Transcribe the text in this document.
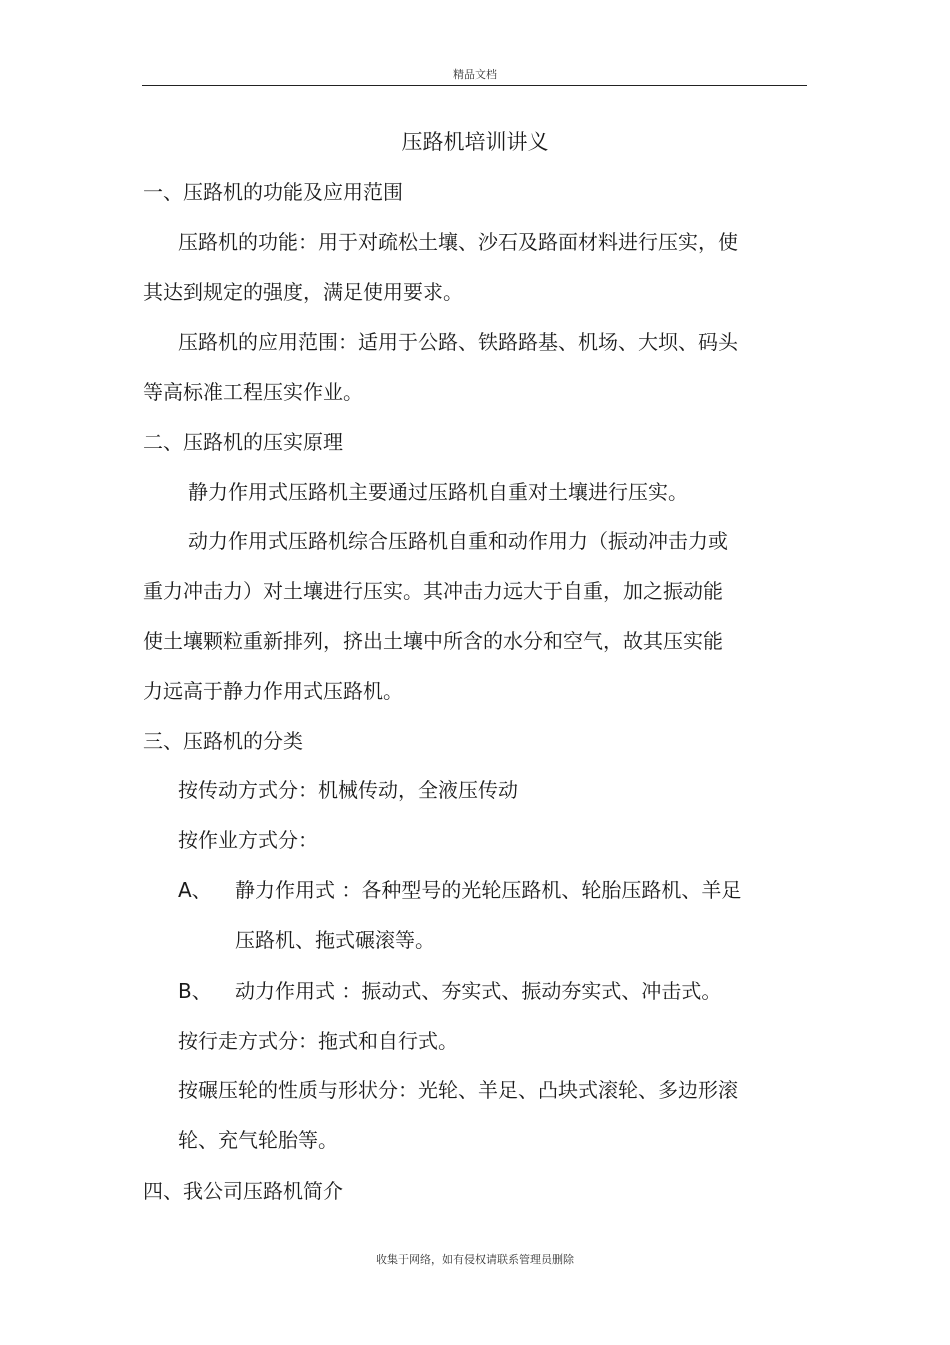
精品文档
压路机培训讲义
一、压路机的功能及应用范围
压路机的功能：用于对疏松土壤、沙石及路面材料进行压实，使
其达到规定的强度，满足使用要求。
压路机的应用范围：适用于公路、铁路路基、机场、大坝、码头
等高标准工程压实作业。
二、压路机的压实原理
静力作用式压路机主要通过压路机自重对土壤进行压实。
动力作用式压路机综合压路机自重和动作用力（振动冲击力或
重力冲击力）对土壤进行压实。其冲击力远大于自重，加之振动能
使土壤颗粒重新排列，挤出土壤中所含的水分和空气，故其压实能
力远高于静力作用式压路机。
三、压路机的分类
按传动方式分：机械传动，全液压传动
按作业方式分：
A、 静力作用式 ：各种型号的光轮压路机、轮胎压路机、羊足
压路机、拖式碾滚等。
B、 动力作用式 ：振动式、夯实式、振动夯实式、冲击式。
按行走方式分：拖式和自行式。
按碾压轮的性质与形状分：光轮、羊足、凸块式滚轮、多边形滚
轮、充气轮胎等。
四、我公司压路机简介
收集于网络，如有侵权请联系管理员删除
